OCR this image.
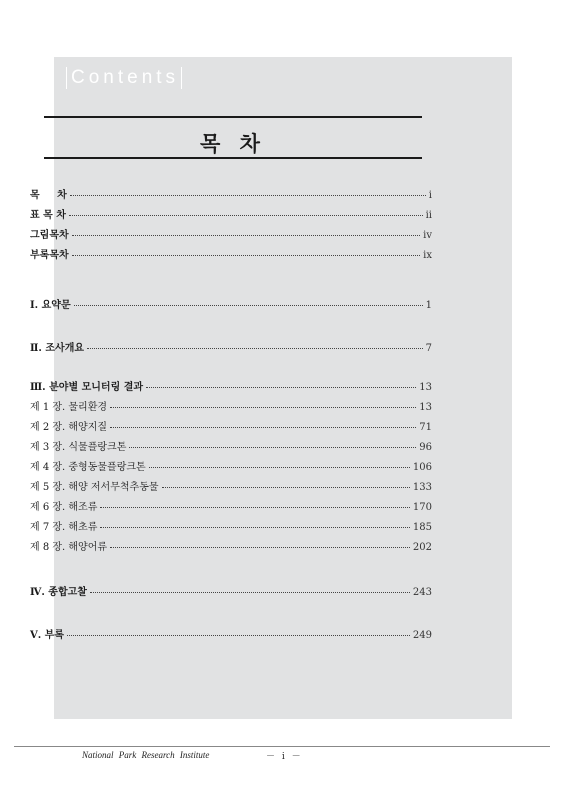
Contents
목 차
목     차	i
표 목 차	ii
그림목차	iv
부록목차	ix
Ⅰ. 요약문	1
Ⅱ. 조사개요	7
Ⅲ. 분야별 모니터링 결과	13
제 1 장. 물리환경	13
제 2 장. 해양지질	71
제 3 장. 식물플랑크톤	96
제 4 장. 중형동물플랑크톤	106
제 5 장. 해양 저서무척추동물	133
제 6 장. 해조류	170
제 7 장. 해초류	185
제 8 장. 해양어류	202
Ⅳ. 종합고찰	243
Ⅴ. 부록	249
National Park Research Institute	－ i －
